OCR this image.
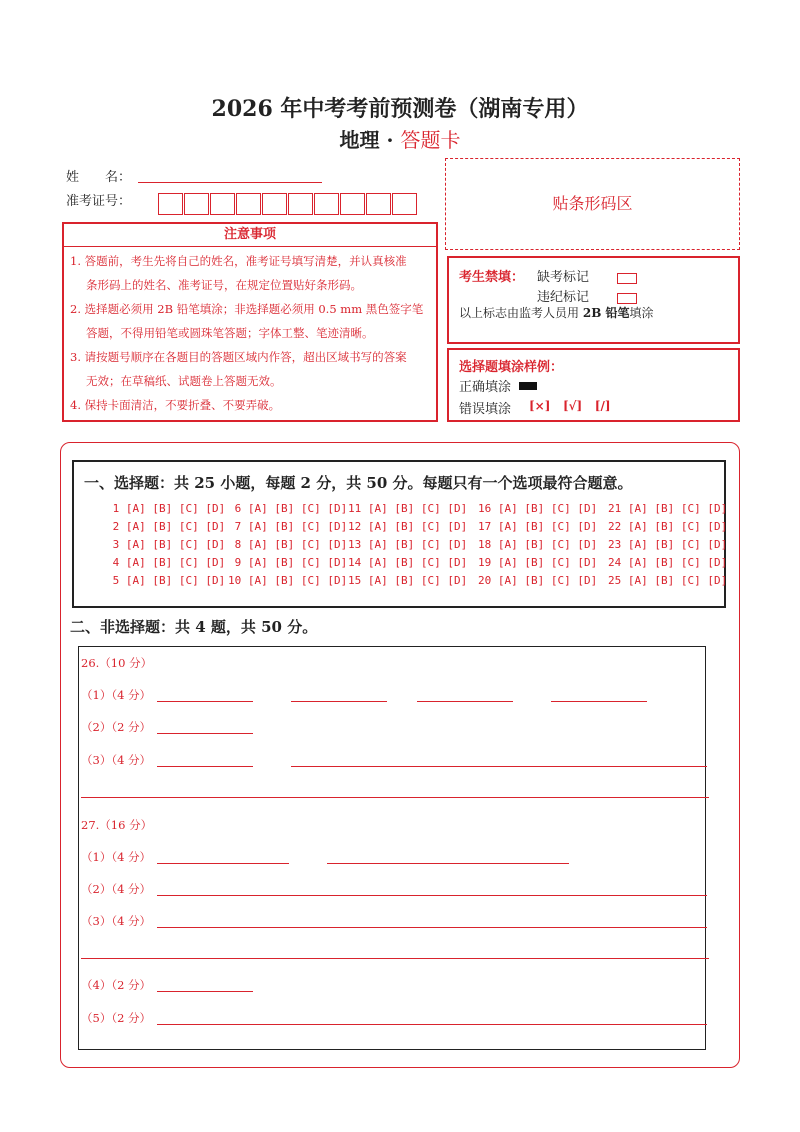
2026 年中考考前预测卷（湖南专用）
地理 · 答题卡
姓　　名：
准考证号：	贴条形码区
注意事项

1. 答题前，考生先将自己的姓名，准考证号填写清楚，并认真核准

条形码上的姓名、准考证号，在规定位置贴好条形码。

2. 选择题必须用 2B 铅笔填涂；非选择题必须用 0.5 mm 黑色签字笔

答题，不得用铅笔或圆珠笔答题；字体工整、笔迹清晰。

3. 请按题号顺序在各题目的答题区域内作答，超出区域书写的答案

无效；在草稿纸、试题卷上答题无效。

4. 保持卡面清洁，不要折叠、不要弄破。

考生禁填： 缺考标记
违纪标记
以上标志由监考人员用 2B 铅笔填涂
选择题填涂样例：
正确填涂
错误填涂 [×] [√] [/]
一、选择题：共 25 小题，每题 2 分，共 50 分。每题只有一个选项最符合题意。
1 [A] [B] [C] [D]
2 [A] [B] [C] [D]
3 [A] [B] [C] [D]
4 [A] [B] [C] [D]
5 [A] [B] [C] [D]
6 [A] [B] [C] [D]
7 [A] [B] [C] [D]
8 [A] [B] [C] [D]
9 [A] [B] [C] [D]
10 [A] [B] [C] [D]
11 [A] [B] [C] [D]
12 [A] [B] [C] [D]
13 [A] [B] [C] [D]
14 [A] [B] [C] [D]
15 [A] [B] [C] [D]
16 [A] [B] [C] [D]
17 [A] [B] [C] [D]
18 [A] [B] [C] [D]
19 [A] [B] [C] [D]
20 [A] [B] [C] [D]
21 [A] [B] [C] [D]
22 [A] [B] [C] [D]
23 [A] [B] [C] [D]
24 [A] [B] [C] [D]
25 [A] [B] [C] [D]
二、非选择题：共 4 题，共 50 分。
26.（10 分）
（1）（4 分）
（2）（2 分）
（3）（4 分）
27.（16 分）
（1）（4 分）
（2）（4 分）
（3）（4 分）
（4）（2 分）
（5）（2 分）
